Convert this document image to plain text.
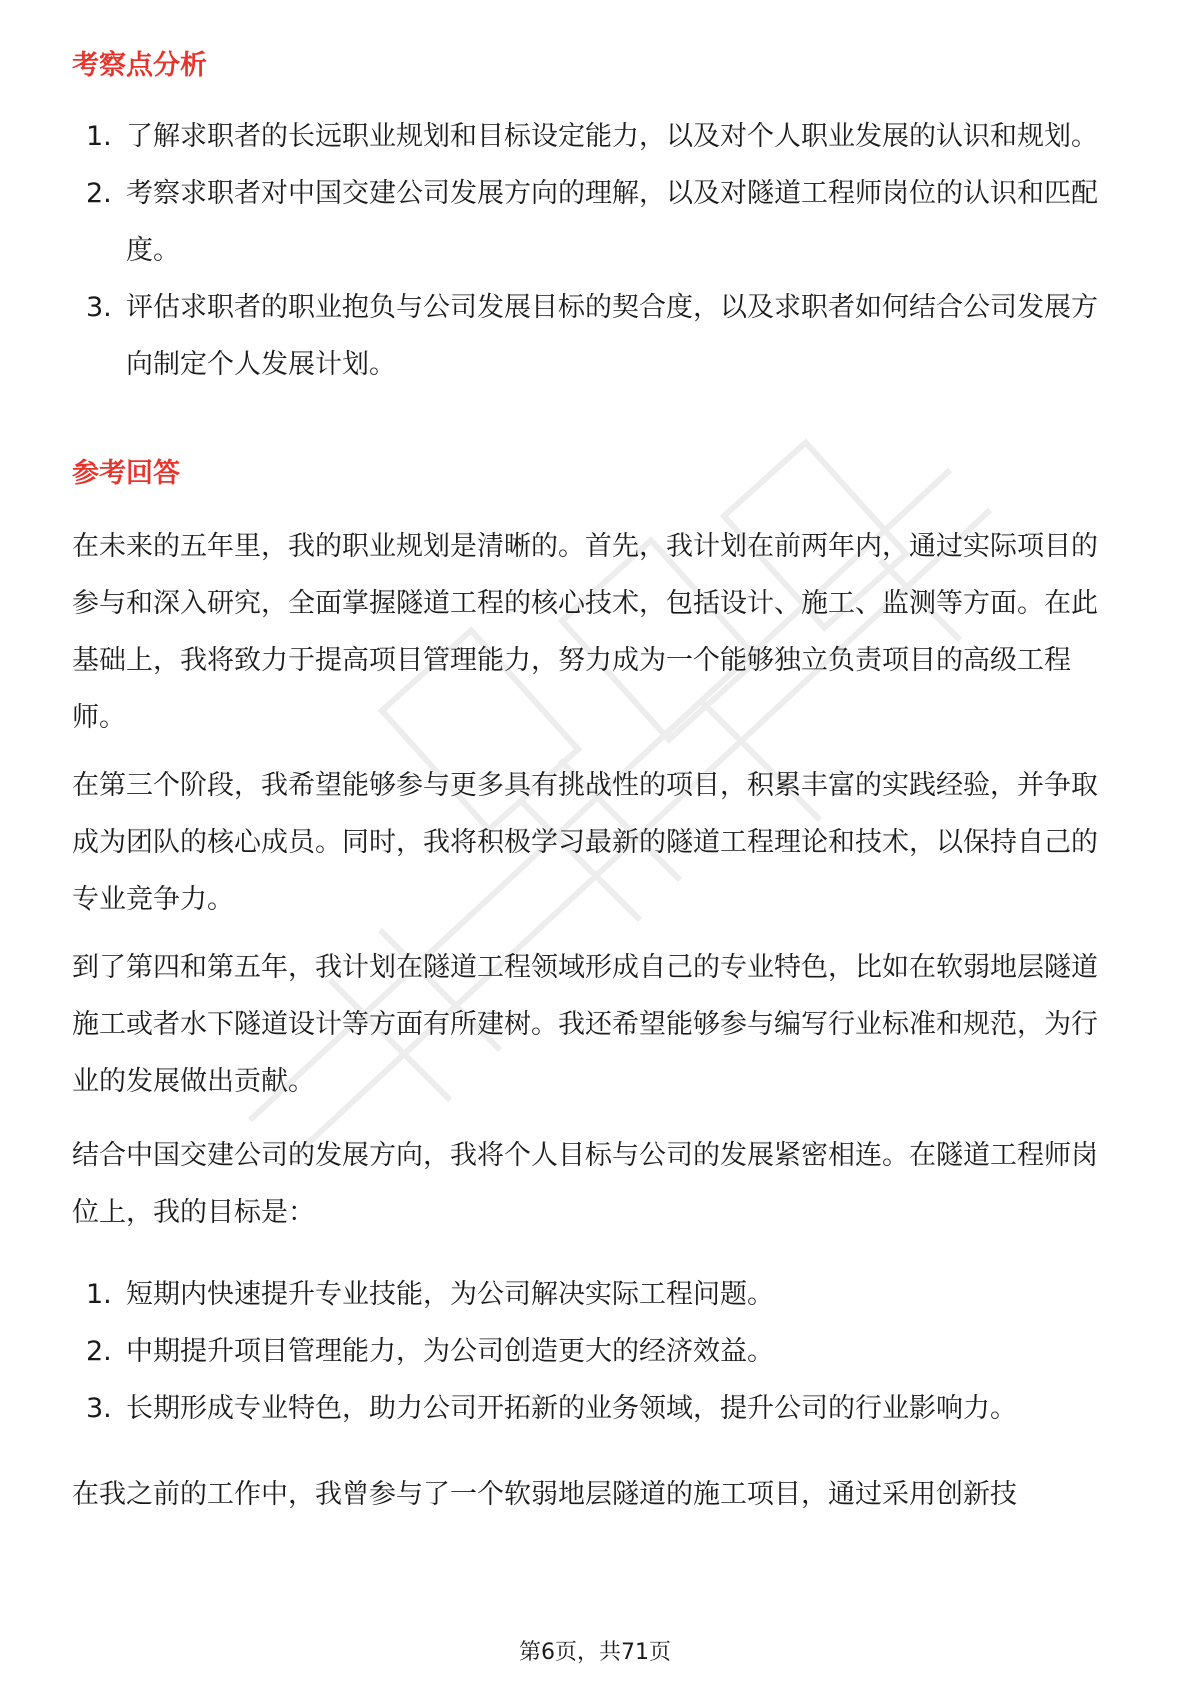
考察点分析
1. 了解求职者的长远职业规划和目标设定能力，以及对个人职业发展的认识和规划。
2. 考察求职者对中国交建公司发展方向的理解，以及对隧道工程师岗位的认识和匹配度。
3. 评估求职者的职业抱负与公司发展目标的契合度，以及求职者如何结合公司发展方向制定个人发展计划。
参考回答

在未来的五年里，我的职业规划是清晰的。首先，我计划在前两年内，通过实际项目的参与和深入研究，全面掌握隧道工程的核心技术，包括设计、施工、监测等方面。在此基础上，我将致力于提高项目管理能力，努力成为一个能够独立负责项目的高级工程师。

在第三个阶段，我希望能够参与更多具有挑战性的项目，积累丰富的实践经验，并争取成为团队的核心成员。同时，我将积极学习最新的隧道工程理论和技术，以保持自己的专业竞争力。

到了第四和第五年，我计划在隧道工程领域形成自己的专业特色，比如在软弱地层隧道施工或者水下隧道设计等方面有所建树。我还希望能够参与编写行业标准和规范，为行业的发展做出贡献。

结合中国交建公司的发展方向，我将个人目标与公司的发展紧密相连。在隧道工程师岗位上，我的目标是：

1. 短期内快速提升专业技能，为公司解决实际工程问题。
2. 中期提升项目管理能力，为公司创造更大的经济效益。
3. 长期形成专业特色，助力公司开拓新的业务领域，提升公司的行业影响力。

在我之前的工作中，我曾参与了一个软弱地层隧道的施工项目，通过采用创新技

第6页，共71页
